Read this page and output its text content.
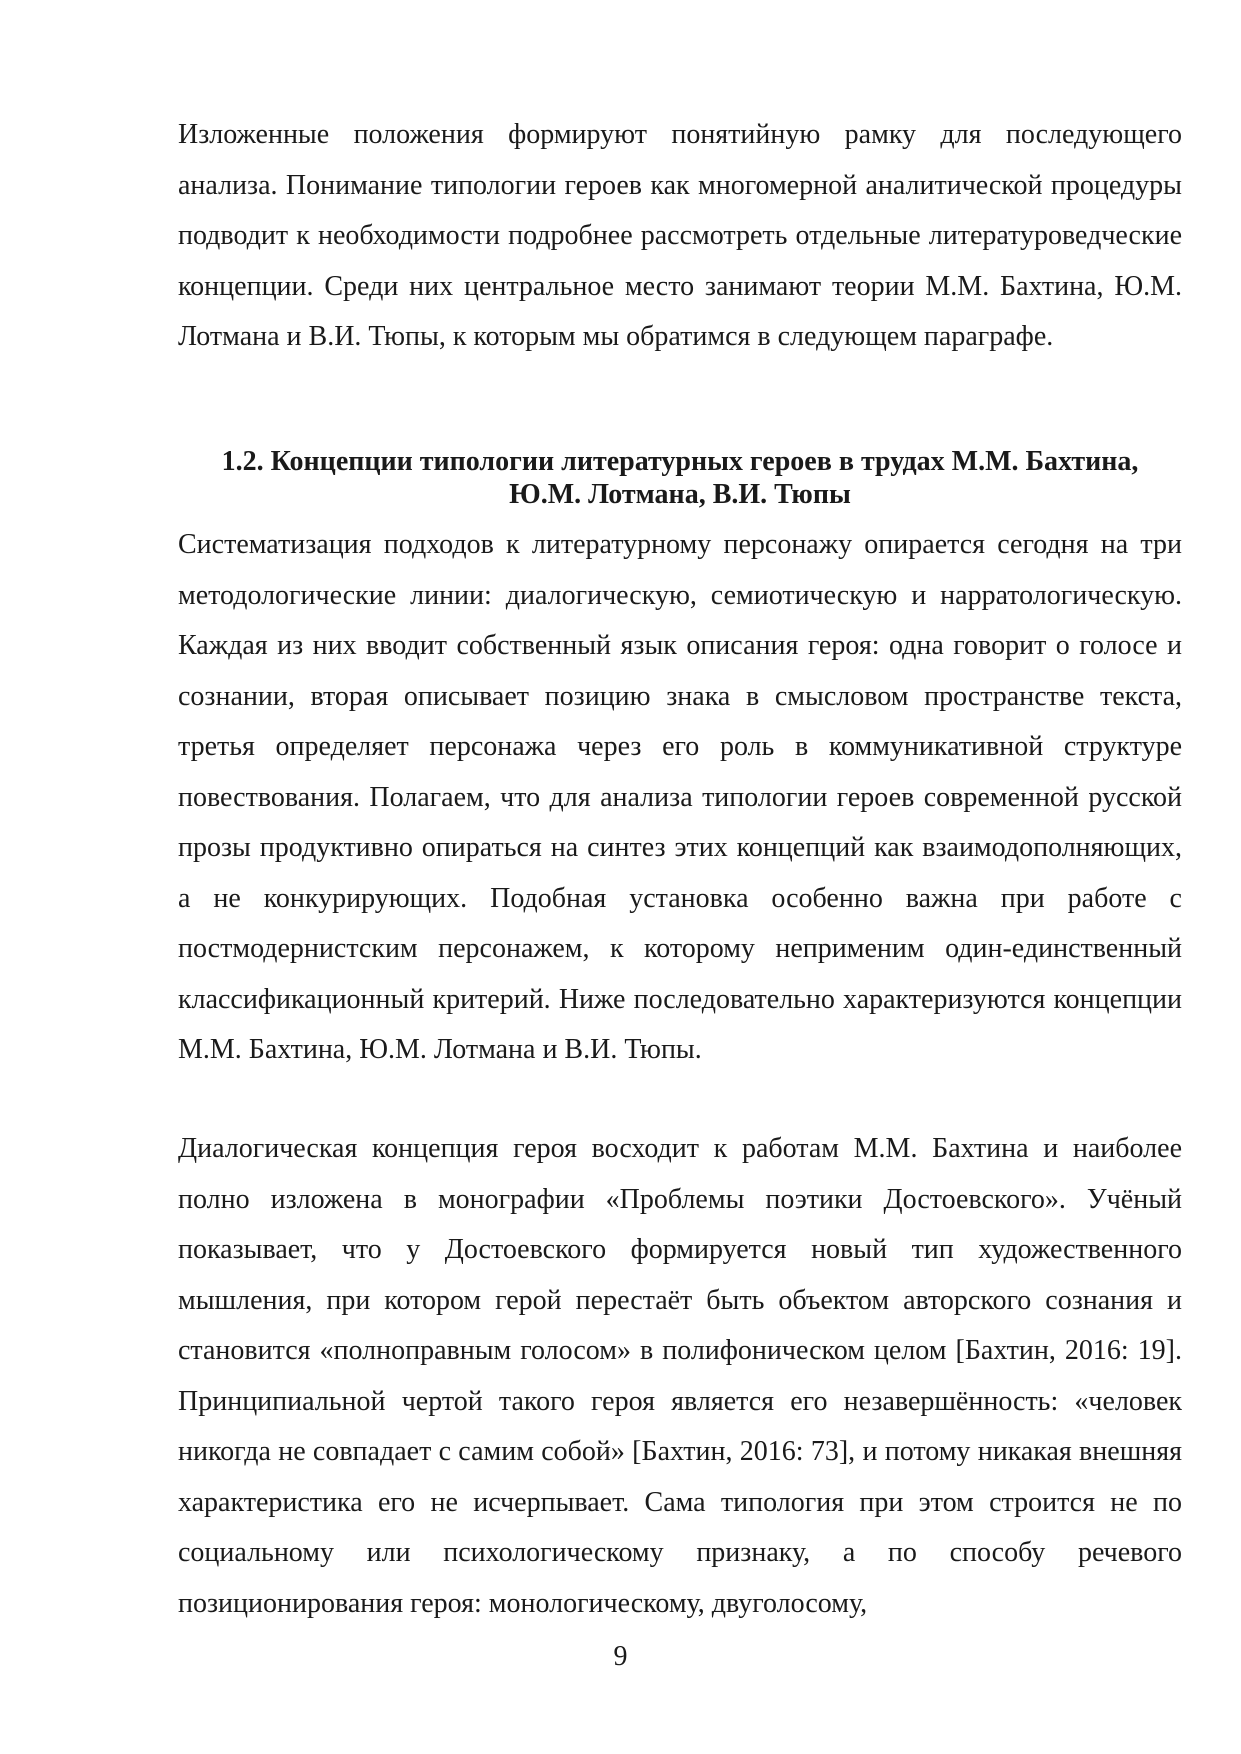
Изложенные положения формируют понятийную рамку для последующего анализа. Понимание типологии героев как многомерной аналитической процедуры подводит к необходимости подробнее рассмотреть отдельные литературоведческие концепции. Среди них центральное место занимают теории М.М. Бахтина, Ю.М. Лотмана и В.И. Тюпы, к которым мы обратимся в следующем параграфе.

1.2. Концепции типологии литературных героев в трудах М.М. Бахтина,
Ю.М. Лотмана, В.И. Тюпы

Систематизация подходов к литературному персонажу опирается сегодня на три методологические линии: диалогическую, семиотическую и нарратологическую. Каждая из них вводит собственный язык описания героя: одна говорит о голосе и сознании, вторая описывает позицию знака в смысловом пространстве текста, третья определяет персонажа через его роль в коммуникативной структуре повествования. Полагаем, что для анализа типологии героев современной русской прозы продуктивно опираться на синтез этих концепций как взаимодополняющих, а не конкурирующих. Подобная установка особенно важна при работе с постмодернистским персонажем, к которому неприменим один-единственный классификационный критерий. Ниже последовательно характеризуются концепции М.М. Бахтина, Ю.М. Лотмана и В.И. Тюпы.

Диалогическая концепция героя восходит к работам М.М. Бахтина и наиболее полно изложена в монографии «Проблемы поэтики Достоевского». Учёный показывает, что у Достоевского формируется новый тип художественного мышления, при котором герой перестаёт быть объектом авторского сознания и становится «полноправным голосом» в полифоническом целом [Бахтин, 2016: 19]. Принципиальной чертой такого героя является его незавершённость: «человек никогда не совпадает с самим собой» [Бахтин, 2016: 73], и потому никакая внешняя характеристика его не исчерпывает. Сама типология при этом строится не по социальному или психологическому признаку, а по способу речевого позиционирования героя: монологическому, двуголосому,

9
